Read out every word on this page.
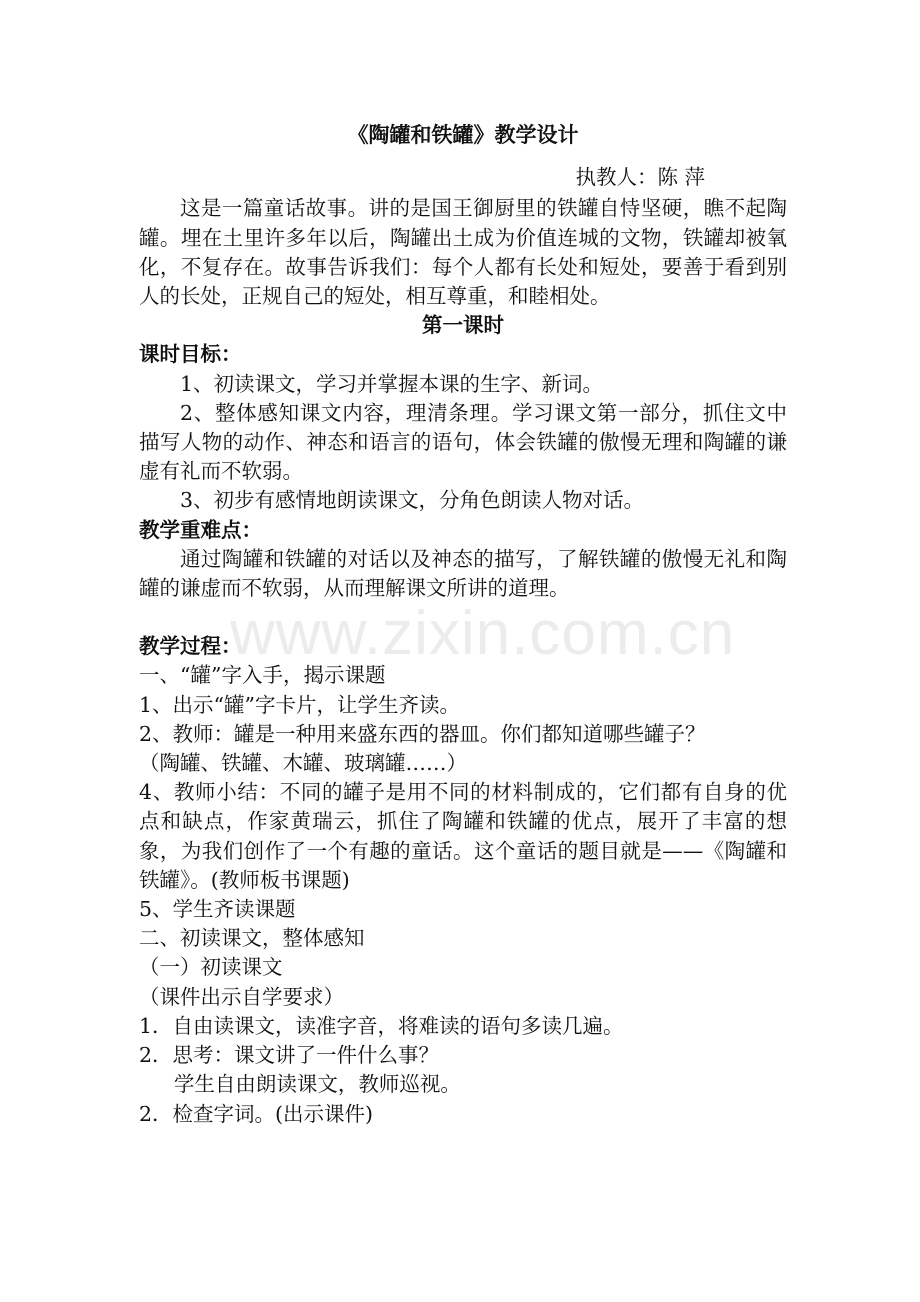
www.zixin.com.cn

《陶罐和铁罐》教学设计

执教人：陈 萍

这是一篇童话故事。讲的是国王御厨里的铁罐自恃坚硬，瞧不起陶罐。埋在土里许多年以后，陶罐出土成为价值连城的文物，铁罐却被氧化，不复存在。故事告诉我们：每个人都有长处和短处，要善于看到别人的长处，正规自己的短处，相互尊重，和睦相处。

第一课时

课时目标：

1、初读课文，学习并掌握本课的生字、新词。

2、整体感知课文内容，理清条理。学习课文第一部分，抓住文中描写人物的动作、神态和语言的语句，体会铁罐的傲慢无理和陶罐的谦虚有礼而不软弱。

3、初步有感情地朗读课文，分角色朗读人物对话。

教学重难点：

通过陶罐和铁罐的对话以及神态的描写，了解铁罐的傲慢无礼和陶罐的谦虚而不软弱，从而理解课文所讲的道理。

教学过程：

一、“罐”字入手，揭示课题

1、出示“罐”字卡片，让学生齐读。

2、教师：罐是一种用来盛东西的器皿。你们都知道哪些罐子？

（陶罐、铁罐、木罐、玻璃罐……）

4、教师小结：不同的罐子是用不同的材料制成的，它们都有自身的优点和缺点，作家黄瑞云，抓住了陶罐和铁罐的优点，展开了丰富的想象，为我们创作了一个有趣的童话。这个童话的题目就是——《陶罐和铁罐》。(教师板书课题)

5、学生齐读课题

二、初读课文，整体感知

（一）初读课文

（课件出示自学要求）

1．自由读课文，读准字音，将难读的语句多读几遍。

2．思考：课文讲了一件什么事？

学生自由朗读课文，教师巡视。

2．检查字词。(出示课件)
